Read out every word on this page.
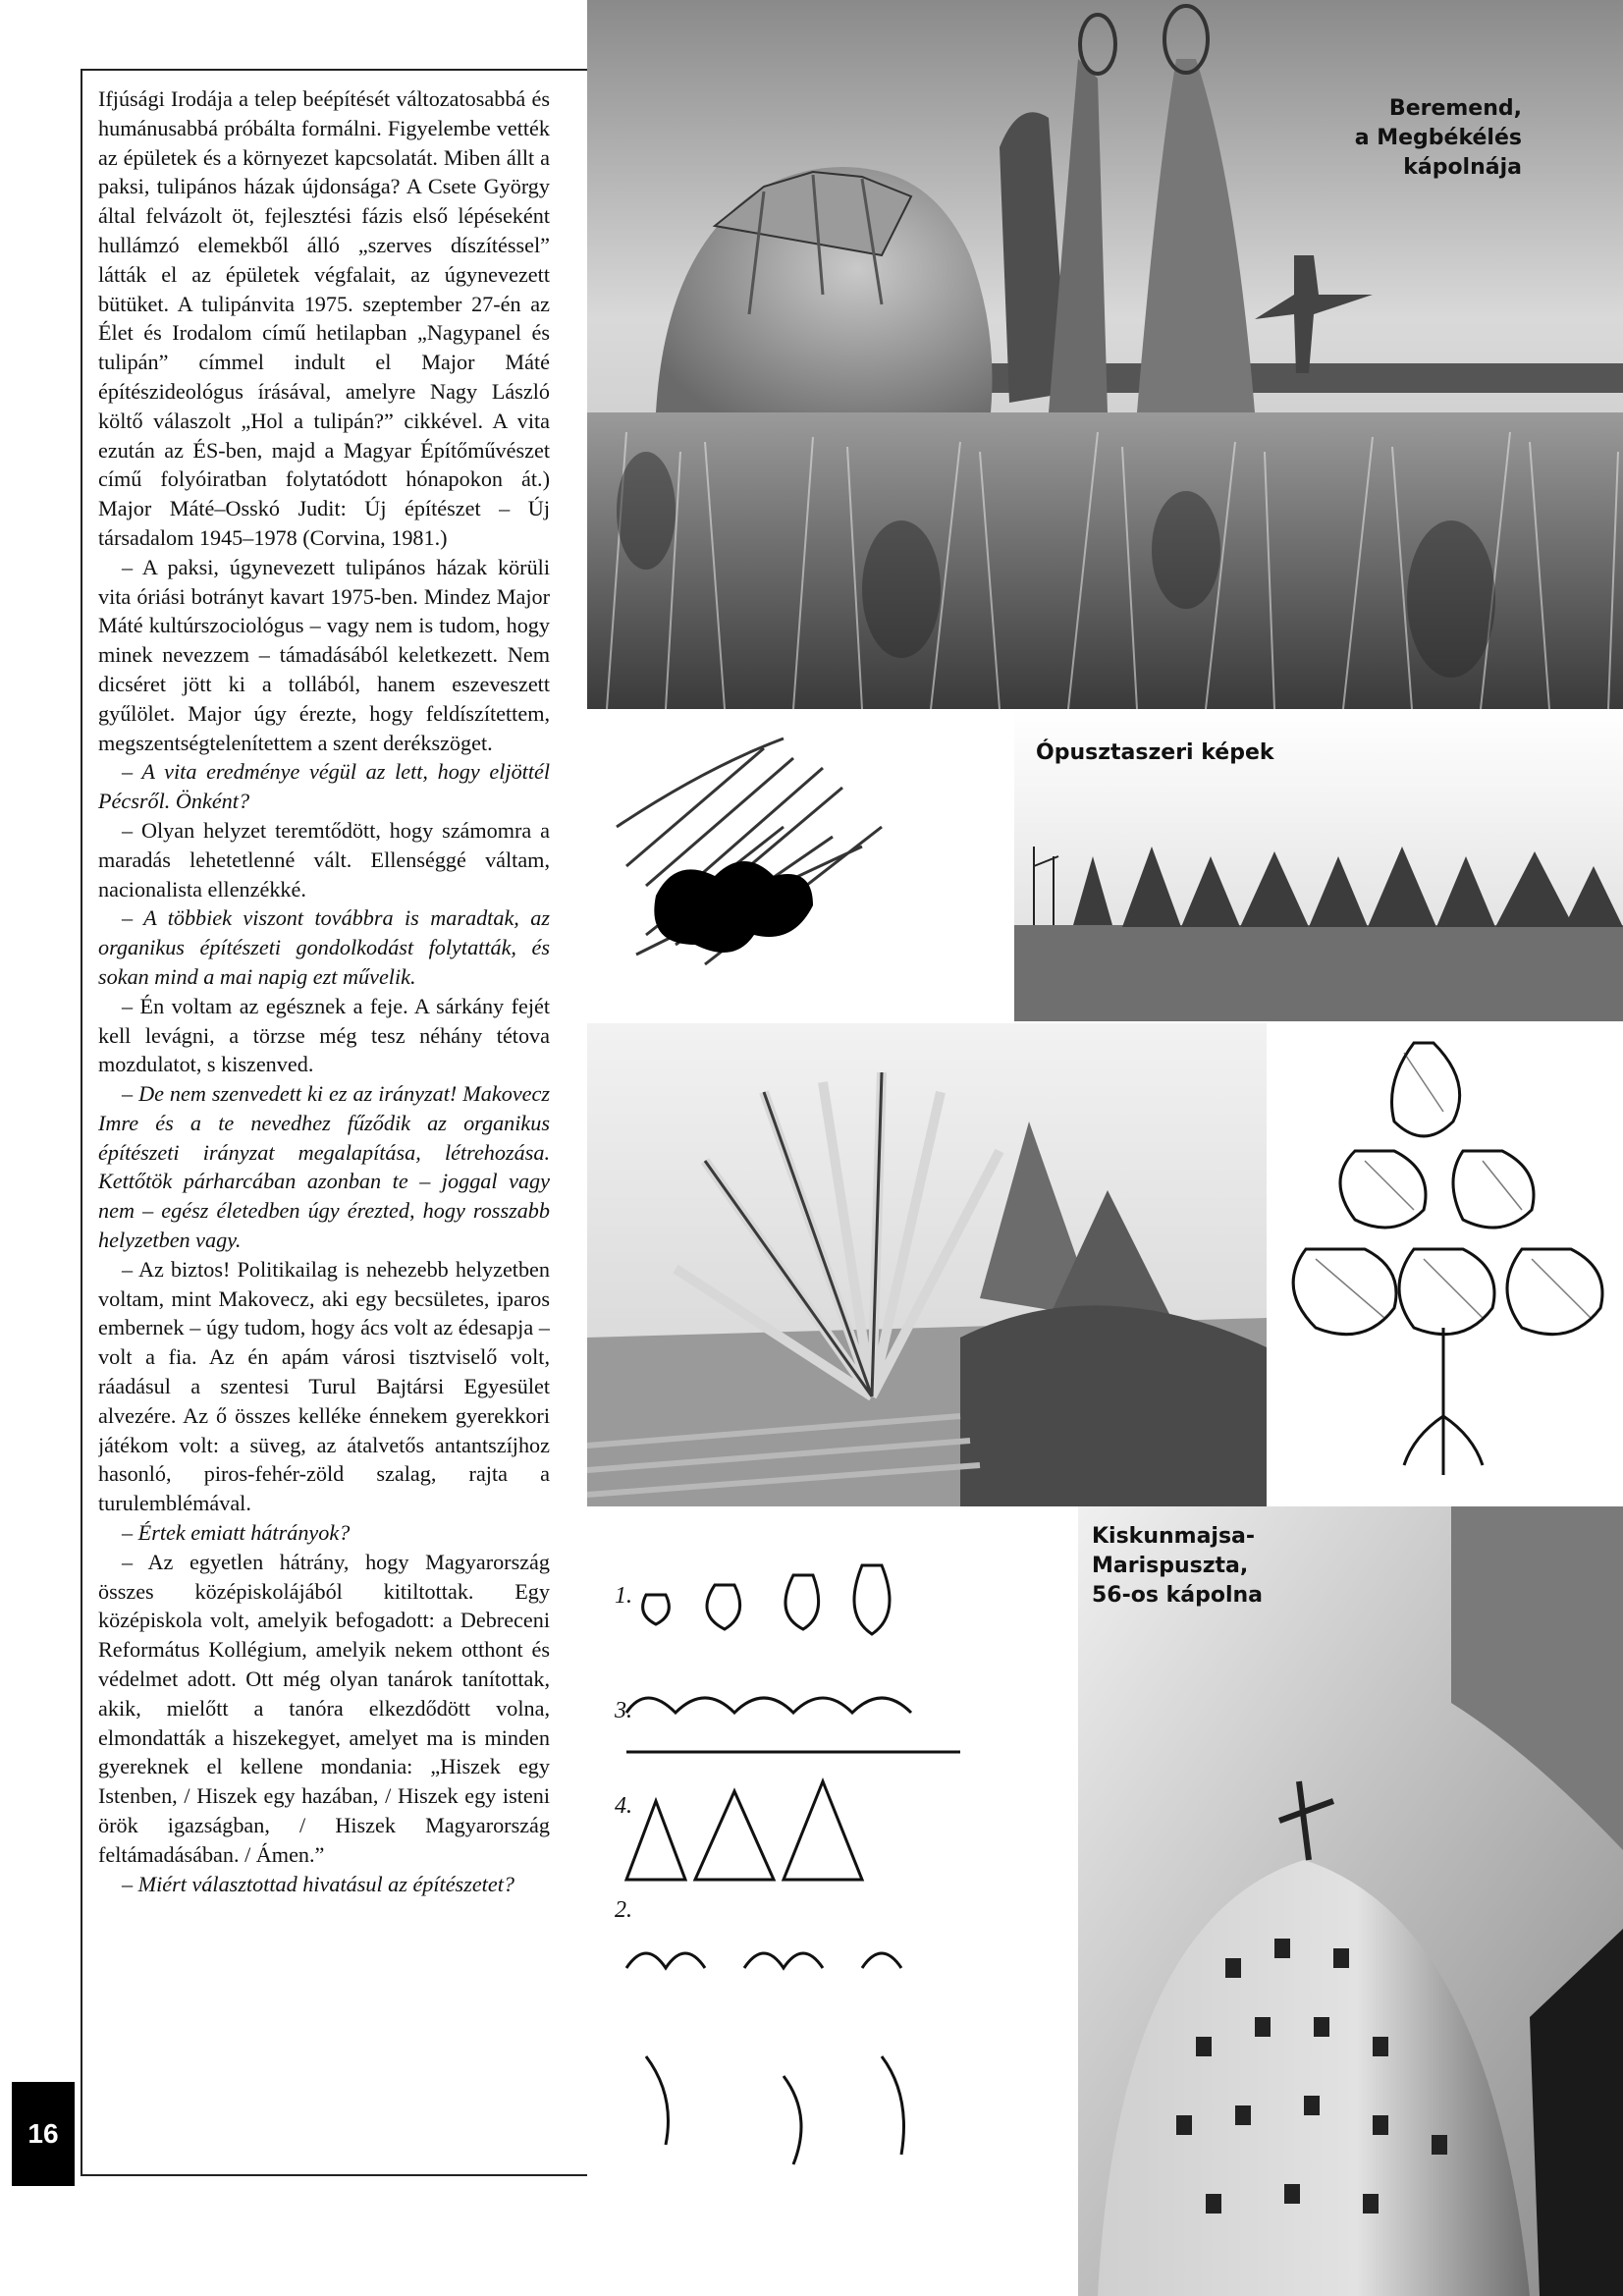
Ifjúsági Irodája a telep beépítését változatosabbá és humánusabbá próbálta formálni. Figyelembe vették az épületek és a környezet kapcsolatát. Miben állt a paksi, tulipános házak újdonsága? A Csete György által felvázolt öt, fejlesztési fázis első lépéseként hullámzó elemekből álló „szerves díszítéssel” látták el az épületek végfalait, az úgynevezett bütüket. A tulipánvita 1975. szeptember 27-én az Élet és Irodalom című hetilapban „Nagypanel és tulipán” címmel indult el Major Máté építészideológus írásával, amelyre Nagy László költő válaszolt „Hol a tulipán?” cikkével. A vita ezután az ÉS-ben, majd a Magyar Építőművészet című folyóiratban folytatódott hónapokon át.) Major Máté–Osskó Judit: Új építészet – Új társadalom 1945–1978 (Corvina, 1981.)

– A paksi, úgynevezett tulipános házak körüli vita óriási botrányt kavart 1975-ben. Mindez Major Máté kultúrszociológus – vagy nem is tudom, hogy minek nevezzem – támadásából keletkezett. Nem dicséret jött ki a tollából, hanem eszeveszett gyűlölet. Major úgy érezte, hogy feldíszítettem, megszentségtelenítettem a szent derékszöget.

– A vita eredménye végül az lett, hogy eljöttél Pécsről. Önként?

– Olyan helyzet teremtődött, hogy számomra a maradás lehetetlenné vált. Ellenséggé váltam, nacionalista ellenzékké.

– A többiek viszont továbbra is maradtak, az organikus építészeti gondolkodást folytatták, és sokan mind a mai napig ezt művelik.

– Én voltam az egésznek a feje. A sárkány fejét kell levágni, a törzse még tesz néhány tétova mozdulatot, s kiszenved.

– De nem szenvedett ki ez az irányzat! Makovecz Imre és a te nevedhez fűződik az organikus építészeti irányzat megalapítása, létrehozása. Kettőtök párharcában azonban te – joggal vagy nem – egész életedben úgy érezted, hogy rosszabb helyzetben vagy.

– Az biztos! Politikailag is nehezebb helyzetben voltam, mint Makovecz, aki egy becsületes, iparos embernek – úgy tudom, hogy ács volt az édesapja – volt a fia. Az én apám városi tisztviselő volt, ráadásul a szentesi Turul Bajtársi Egyesület alvezére. Az ő összes kelléke énnekem gyerekkori játékom volt: a süveg, az átalvetős antantszíjhoz hasonló, piros-fehér-zöld szalag, rajta a turulemblémával.

– Értek emiatt hátrányok?

– Az egyetlen hátrány, hogy Magyarország összes középiskolájából kitiltottak. Egy középiskola volt, amelyik befogadott: a Debreceni Református Kollégium, amelyik nekem otthont és védelmet adott. Ott még olyan tanárok tanítottak, akik, mielőtt a tanóra elkezdődött volna, elmondatták a hiszekegyet, amelyet ma is minden gyereknek el kellene mondania: „Hiszek egy Istenben, / Hiszek egy hazában, / Hiszek egy isteni örök igazságban, / Hiszek Magyarország feltámadásában. / Ámen.”

– Miért választottad hivatásul az építészetet?

16
Beremend,
a Megbékélés
kápolnája
Ópusztaszeri képek
1.
3.
4.
2.
Kiskunmajsa-
Marispuszta,
56-os kápolna
